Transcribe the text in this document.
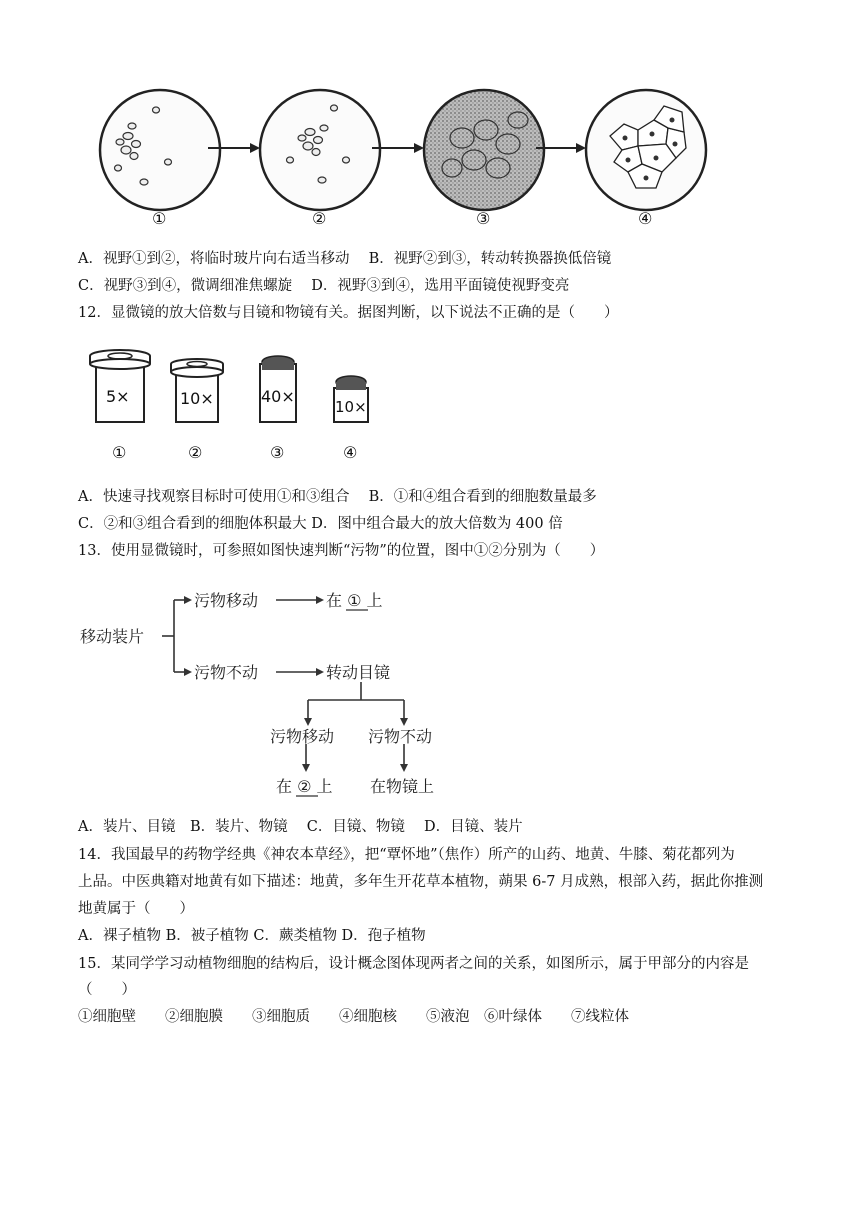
①	②	③	④
A．视野①到②，将临时玻片向右适当移动　 B．视野②到③，转动转换器换低倍镜
C．视野③到④，微调细准焦螺旋　 D．视野③到④，选用平面镜使视野变亮
12．显微镜的放大倍数与目镜和物镜有关。据图判断，以下说法不正确的是（　　）
5×	10×	40×
10×
①	②	③	④
A．快速寻找观察目标时可使用①和③组合　 B．①和④组合看到的细胞数量最多
C．②和③组合看到的细胞体积最大 D．图中组合最大的放大倍数为 400 倍
13．使用显微镜时，可参照如图快速判断“污物”的位置，图中①②分别为（　　）
移动装片
污物移动	在 ① 上
污物不动	转动目镜
污物移动 污物不动
在 ② 上 在物镜上
A．装片、目镜　B．装片、物镜　 C．目镜、物镜　 D．目镜、装片
14．我国最早的药物学经典《神农本草经》，把“覃怀地”（焦作）所产的山药、地黄、牛膝、菊花都列为
上品。中医典籍对地黄有如下描述：地黄，多年生开花草本植物，蒴果 6-7 月成熟，根部入药，据此你推测
地黄属于（　　）
A．裸子植物 B．被子植物 C．蕨类植物 D．孢子植物
15．某同学学习动植物细胞的结构后，设计概念图体现两者之间的关系，如图所示，属于甲部分的内容是
（　　）
①细胞壁　　②细胞膜　　③细胞质　　④细胞核　　⑤液泡　⑥叶绿体　　⑦线粒体
